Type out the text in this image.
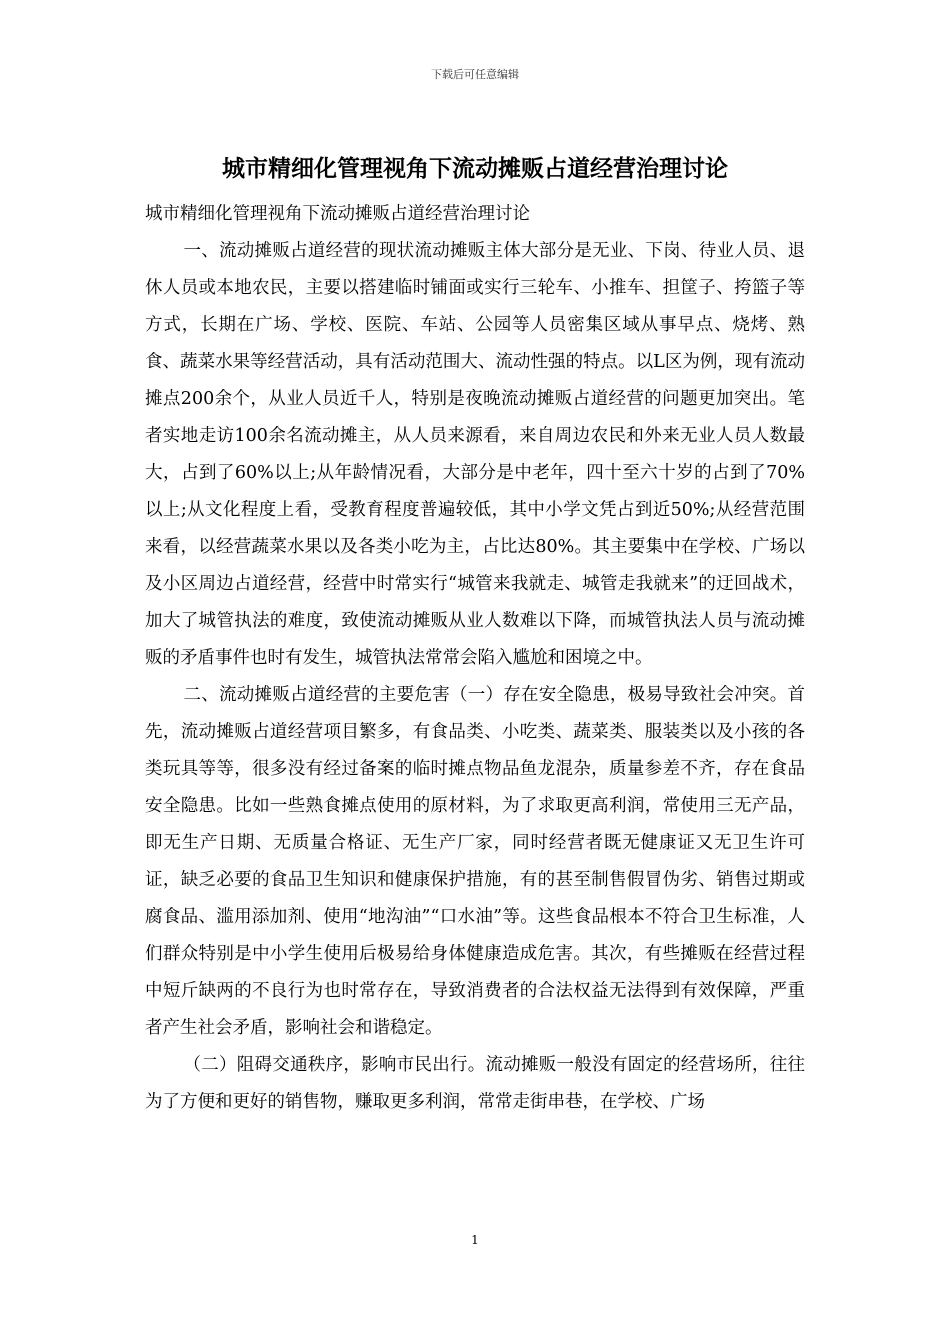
下载后可任意编辑
城市精细化管理视角下流动摊贩占道经营治理讨论

城市精细化管理视角下流动摊贩占道经营治理讨论

一、流动摊贩占道经营的现状流动摊贩主体大部分是无业、下岗、待业人员、退休人员或本地农民，主要以搭建临时铺面或实行三轮车、小推车、担筐子、挎篮子等方式，长期在广场、学校、医院、车站、公园等人员密集区域从事早点、烧烤、熟食、蔬菜水果等经营活动，具有活动范围大、流动性强的特点。以L区为例，现有流动摊点200余个，从业人员近千人，特别是夜晚流动摊贩占道经营的问题更加突出。笔者实地走访100余名流动摊主，从人员来源看，来自周边农民和外来无业人员人数最大，占到了60%以上;从年龄情况看，大部分是中老年，四十至六十岁的占到了70%以上;从文化程度上看，受教育程度普遍较低，其中小学文凭占到近50%;从经营范围来看，以经营蔬菜水果以及各类小吃为主，占比达80%。其主要集中在学校、广场以及小区周边占道经营，经营中时常实行“城管来我就走、城管走我就来”的迂回战术，加大了城管执法的难度，致使流动摊贩从业人数难以下降，而城管执法人员与流动摊贩的矛盾事件也时有发生，城管执法常常会陷入尴尬和困境之中。

二、流动摊贩占道经营的主要危害（一）存在安全隐患，极易导致社会冲突。首先，流动摊贩占道经营项目繁多，有食品类、小吃类、蔬菜类、服装类以及小孩的各类玩具等等，很多没有经过备案的临时摊点物品鱼龙混杂，质量参差不齐，存在食品安全隐患。比如一些熟食摊点使用的原材料，为了求取更高利润，常使用三无产品，即无生产日期、无质量合格证、无生产厂家，同时经营者既无健康证又无卫生许可证，缺乏必要的食品卫生知识和健康保护措施，有的甚至制售假冒伪劣、销售过期或腐食品、滥用添加剂、使用“地沟油”“口水油”等。这些食品根本不符合卫生标准，人们群众特别是中小学生使用后极易给身体健康造成危害。其次，有些摊贩在经营过程中短斤缺两的不良行为也时常存在，导致消费者的合法权益无法得到有效保障，严重者产生社会矛盾，影响社会和谐稳定。

（二）阻碍交通秩序，影响市民出行。流动摊贩一般没有固定的经营场所，往往为了方便和更好的销售物，赚取更多利润，常常走街串巷，在学校、广场

1
